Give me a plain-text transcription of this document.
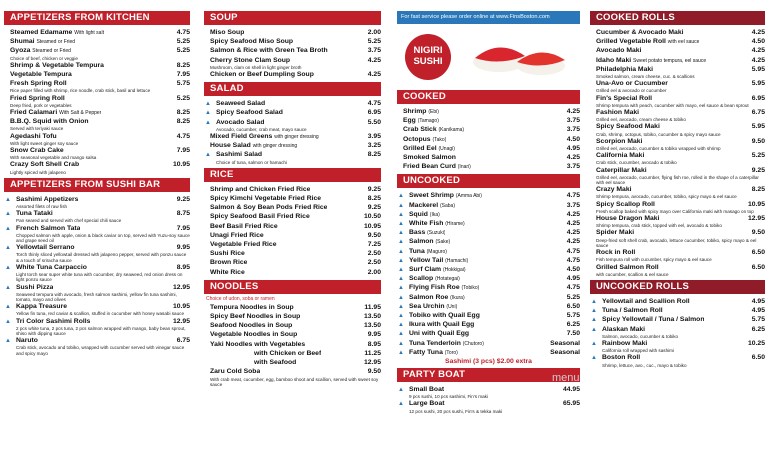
For fast service please order online at www.FinsBoston.com
NIGIRI
SUSHI
APPETIZERS FROM KITCHEN
Steamed Edamame With light salt	4.75
Shumai Steamed or Fried	5.25
Gyoza Steamed or Fried	5.25
Choice of beef, chicken or veggie
Shrimp & Vegetable Tempura	8.25
Vegetable Tempura	7.95
Fresh Spring Roll	5.75
Rice paper filled with shrimp, rice noodle, crab stick, basil and lettuce
Fried Spring Roll	5.25
Deep fried, pork or vegetables
Fried Calamari With Salt & Pepper	8.25
B.B.Q. Squid with Onion	8.25
Served with teriyaki sauce
Agedashi Tofu	4.75
With light sweet ginger soy sauce
Snow Crab Cake	7.95
With seasonal vegetable and mango salsa
Crazy Soft Shell Crab	10.95
Lightly spiced with jalapeno
APPETIZERS FROM SUSHI BAR
▲ Sashimi Appetizers	9.25
Assorted filets of raw fish
▲ Tuna Tataki	8.75
Pan seared and served with chef special chili sauce
▲ French Salmon Tata	7.95
Chopped salmon with apple, onion & black caviar on top, served with Yuzu-soy sauce and grape seed oil
▲ Yellowtail Serrano	9.95
Torch thinly sliced yellowtail dressed with jalapeno pepper, served with ponzu sauce & a touch of sriracha sauce
▲ White Tuna Carpaccio	8.95
Light torch sear super white tuna with cucumber, dry seaweed, red onion dress on light ponzu sauce
▲ Sushi Pizza	12.95
Seaweed tempura with avocado, fresh salmon sashimi, yellow fin tuna sashimi, tomato, mayo and olives
▲ Kappa Treasure	10.95
Yellow fin tuna, red caviar & scallion, stuffed in cucumber with honey wasabi sauce
▲ Tri Color Sashimi Rolls	12.95
2 pcs white tuna, 2 pcs tuna, 2 pcs salmon wrapped with mango, baby bean sprout, shiso with dipping sauce
▲ Naruto	6.75
Crab stick, avocado and tobiko, wrapped with cucumber served with vinegar sauce and spicy mayo
SOUP
Miso Soup	2.00
Spicy Seafood Miso Soup	5.25
Salmon & Rice with Green Tea Broth	3.75
Cherry Stone Clam Soup	4.25
Mushroom, clam on shell in light ginger broth
Chicken or Beef Dumpling Soup	4.25
SALAD
▲ Seaweed Salad	4.75
▲ Spicy Seafood Salad	6.95
▲ Avocado Salad	5.50
Avocado, cucumber, crab meat, mayo sauce
Mixed Field Greens with ginger dressing	3.95
House Salad with ginger dressing	3.25
▲ Sashimi Salad	8.25
Choice of tuna, salmon or hamachi
RICE
Shrimp and Chicken Fried Rice	9.25
Spicy Kimchi Vegetable Fried Rice	8.25
Salmon & Soy Bean Pods Fried Rice	9.25
Spicy Seafood Basil Fried Rice	10.50
Beef Basil Fried Rice	10.95
Unagi Fried Rice	9.50
Vegetable Fried Rice	7.25
Sushi Rice	2.50
Brown Rice	2.50
White Rice	2.00
NOODLES
Choice of udon, soba or ramen
Tempura Noodles in Soup	11.95
Spicy Beef Noodles in Soup	13.50
Seafood Noodles in Soup	13.50
Vegetable Noodles in Soup	9.95
Yaki Noodles with Vegetables	8.95
with Chicken or Beef	11.25
with Seafood	12.95
Zaru Cold Soba	9.50
With crab meat, cucumber, egg, bamboo shoot and scallion, served with sweet soy sauce
COOKED
Shrimp (Ebi)	4.25
Egg (Tamago)	3.75
Crab Stick (Kanikama)	3.75
Octopus (Tako)	4.50
Grilled Eel (Unagi)	4.95
Smoked Salmon	4.25
Fried Bean Curd (Inari)	3.75
UNCOOKED
▲ Sweet Shrimp (Amma Abi)	4.75
▲ Mackerel (Saba)	3.75
▲ Squid (Ika)	4.25
▲ White Fish (Hirame)	4.25
▲ Bass (Suzuki)	4.25
▲ Salmon (Sake)	4.25
▲ Tuna (Maguro)	4.75
▲ Yellow Tail (Hamachi)	4.75
▲ Surf Clam (Hokkigai)	4.50
▲ Scallop (Hotategai)	4.95
▲ Flying Fish Roe (Tobiko)	4.75
▲ Salmon Roe (Ikura)	5.25
▲ Sea Urchin (Uni)	6.50
▲ Tobiko with Quail Egg	5.75
▲ Ikura with Quail Egg	6.25
▲ Uni with Quail Egg	7.50
▲ Tuna Tenderloin (Chutoro)	Seasonal
▲ Fatty Tuna (Toro)	Seasonal
Sashimi (3 pcs) $2.00 extra
PARTY BOAT
▲ Small Boat	44.95
9 pcs sushi, 10 pcs sashimi, Fin's maki
▲ Large Boat	65.95
12 pcs sushi, 20 pcs sushi, Fin's & tekka maki
COOKED ROLLS
Cucumber & Avocado Maki	4.25
Grilled Vegetable Roll with eel sauce	4.50
Avocado Maki	4.25
Idaho Maki Sweet potato tempura, eel sauce	4.25
Philadelphia Maki	5.95
Smoked salmon, cream cheese, cuc. & scallions
Una-Avo or Cucumber	5.95
Grilled eel & avocado or cucumber
Fin's Special Roll	6.95
Shrimp tempura with peach, cucumber with mayo, eel sauce & bean sprout
Fashion Maki	6.75
Grilled eel, avocado, cream cheese & tobiko
Spicy Seafood Maki	5.95
Crab, shrimp, octopus, tobiko, cucumber & spicy mayo sauce
Scorpion Maki	9.50
Grilled eel, avocado, cucumber & tobiko wrapped with shrimp
California Maki	5.25
Crab stick, cucumber, avocado & tobiko
Caterpillar Maki	9.25
Grilled eel, avocado, cucumber, flying fish roe, rolled in the shape of a caterpillar with eel sauce
Crazy Maki	8.25
Shrimp tempura, avocado, cucumber, tobiko, spicy mayo & eel sauce
Spicy Scallop Roll	10.95
Fresh scallop baked with spicy mayo over California maki with masago on top
House Dragon Maki	12.95
Shrimp tempura, crab stick, topped with eel, avocado & tobiko
Spider Maki	9.50
Deep-fried soft shell crab, avocado, lettuce cucumber, tobiko, spicy mayo & eel sauce
Rock in Roll	6.50
Fish tempura roll with cucumber, spicy mayo & eel sauce
Grilled Salmon Roll	6.50
with cucumber, scallion & eel sauce
UNCOOKED ROLLS
▲ Yellowtail and Scallion Roll	4.95
▲ Tuna / Salmon Roll	4.95
▲ Spicy Yellowtail / Tuna / Salmon	5.75
▲ Alaskan Maki	6.25
Salmon, avocado, cucumber & tobiko
▲ Rainbow Maki	10.25
California roll wrapped with sashimi
▲ Boston Roll	6.50
Shrimp, lettuce, avo., cuc., mayo & tobiko
menu
